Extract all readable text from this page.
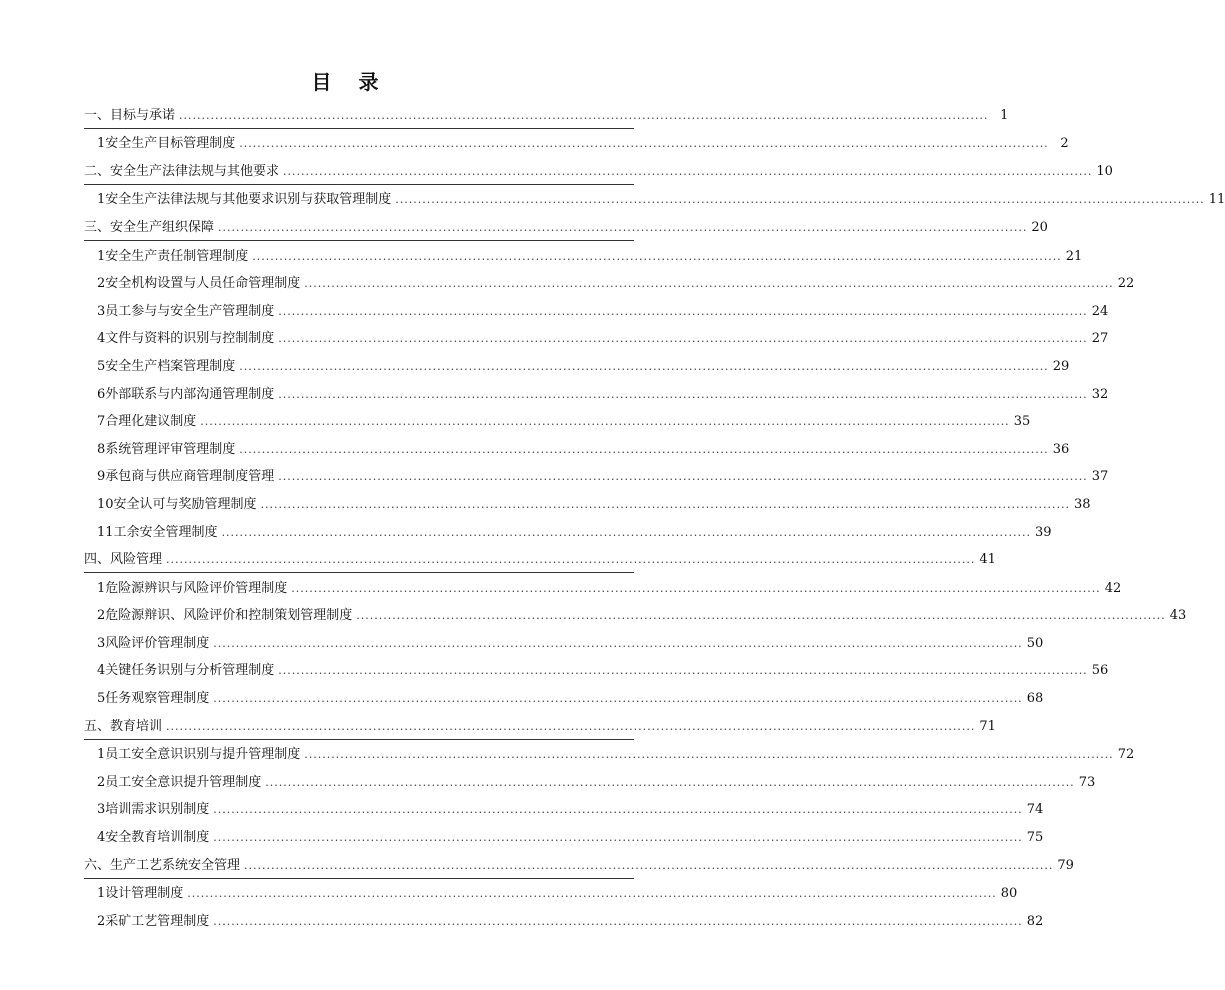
目 录
一、目标与承诺 .................................................................................................................................................................................... 1
1 安全生产目标管理制度 .................................................................................................................................................................................... 2
二、安全生产法律法规与其他要求 .................................................................................................................................................................................... 10
1 安全生产法律法规与其他要求识别与获取管理制度 .................................................................................................................................................................................... 11
三、安全生产组织保障 .................................................................................................................................................................................... 20
1 安全生产责任制管理制度 .................................................................................................................................................................................... 21
2 安全机构设置与人员任命管理制度 .................................................................................................................................................................................... 22
3 员工参与与安全生产管理制度 .................................................................................................................................................................................... 24
4 文件与资料的识别与控制制度 .................................................................................................................................................................................... 27
5 安全生产档案管理制度 .................................................................................................................................................................................... 29
6 外部联系与内部沟通管理制度 .................................................................................................................................................................................... 32
7 合理化建议制度 .................................................................................................................................................................................... 35
8 系统管理评审管理制度 .................................................................................................................................................................................... 36
9 承包商与供应商管理制度管理 .................................................................................................................................................................................... 37
10 安全认可与奖励管理制度 .................................................................................................................................................................................... 38
11 工余安全管理制度 .................................................................................................................................................................................... 39
四、风险管理 .................................................................................................................................................................................... 41
1 危险源辨识与风险评价管理制度 .................................................................................................................................................................................... 42
2 危险源辩识、风险评价和控制策划管理制度 .................................................................................................................................................................................... 43
3 风险评价管理制度 .................................................................................................................................................................................... 50
4 关键任务识别与分析管理制度 .................................................................................................................................................................................... 56
5 任务观察管理制度 .................................................................................................................................................................................... 68
五、教育培训 .................................................................................................................................................................................... 71
1 员工安全意识识别与提升管理制度 .................................................................................................................................................................................... 72
2 员工安全意识提升管理制度 .................................................................................................................................................................................... 73
3 培训需求识别制度 .................................................................................................................................................................................... 74
4 安全教育培训制度 .................................................................................................................................................................................... 75
六、生产工艺系统安全管理 .................................................................................................................................................................................... 79
1 设计管理制度 .................................................................................................................................................................................... 80
2 采矿工艺管理制度 .................................................................................................................................................................................... 82
